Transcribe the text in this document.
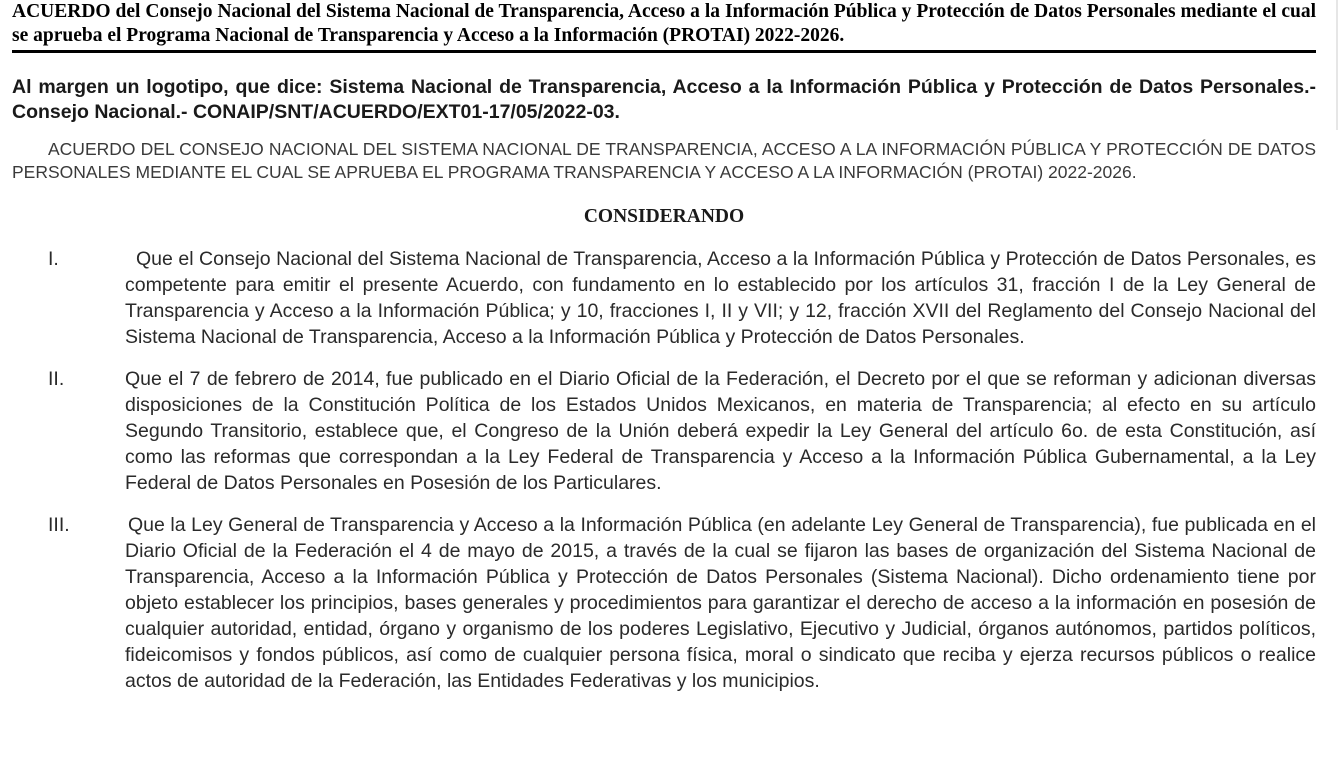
ACUERDO del Consejo Nacional del Sistema Nacional de Transparencia, Acceso a la Información Pública y Protección de Datos Personales mediante el cual se aprueba el Programa Nacional de Transparencia y Acceso a la Información (PROTAI) 2022-2026.

Al margen un logotipo, que dice: Sistema Nacional de Transparencia, Acceso a la Información Pública y Protección de Datos Personales.- Consejo Nacional.- CONAIP/SNT/ACUERDO/EXT01-17/05/2022-03.

ACUERDO DEL CONSEJO NACIONAL DEL SISTEMA NACIONAL DE TRANSPARENCIA, ACCESO A LA INFORMACIÓN PÚBLICA Y PROTECCIÓN DE DATOS PERSONALES MEDIANTE EL CUAL SE APRUEBA EL PROGRAMA TRANSPARENCIA Y ACCESO A LA INFORMACIÓN (PROTAI) 2022-2026.

CONSIDERANDO

I.	Que el Consejo Nacional del Sistema Nacional de Transparencia, Acceso a la Información Pública y Protección de Datos Personales, es competente para emitir el presente Acuerdo, con fundamento en lo establecido por los artículos 31, fracción I de la Ley General de Transparencia y Acceso a la Información Pública; y 10, fracciones I, II y VII; y 12, fracción XVII del Reglamento del Consejo Nacional del Sistema Nacional de Transparencia, Acceso a la Información Pública y Protección de Datos Personales.

II.	Que el 7 de febrero de 2014, fue publicado en el Diario Oficial de la Federación, el Decreto por el que se reforman y adicionan diversas disposiciones de la Constitución Política de los Estados Unidos Mexicanos, en materia de Transparencia; al efecto en su artículo Segundo Transitorio, establece que, el Congreso de la Unión deberá expedir la Ley General del artículo 6o. de esta Constitución, así como las reformas que correspondan a la Ley Federal de Transparencia y Acceso a la Información Pública Gubernamental, a la Ley Federal de Datos Personales en Posesión de los Particulares.

III.	Que la Ley General de Transparencia y Acceso a la Información Pública (en adelante Ley General de Transparencia), fue publicada en el Diario Oficial de la Federación el 4 de mayo de 2015, a través de la cual se fijaron las bases de organización del Sistema Nacional de Transparencia, Acceso a la Información Pública y Protección de Datos Personales (Sistema Nacional). Dicho ordenamiento tiene por objeto establecer los principios, bases generales y procedimientos para garantizar el derecho de acceso a la información en posesión de cualquier autoridad, entidad, órgano y organismo de los poderes Legislativo, Ejecutivo y Judicial, órganos autónomos, partidos políticos, fideicomisos y fondos públicos, así como de cualquier persona física, moral o sindicato que reciba y ejerza recursos públicos o realice actos de autoridad de la Federación, las Entidades Federativas y los municipios.
